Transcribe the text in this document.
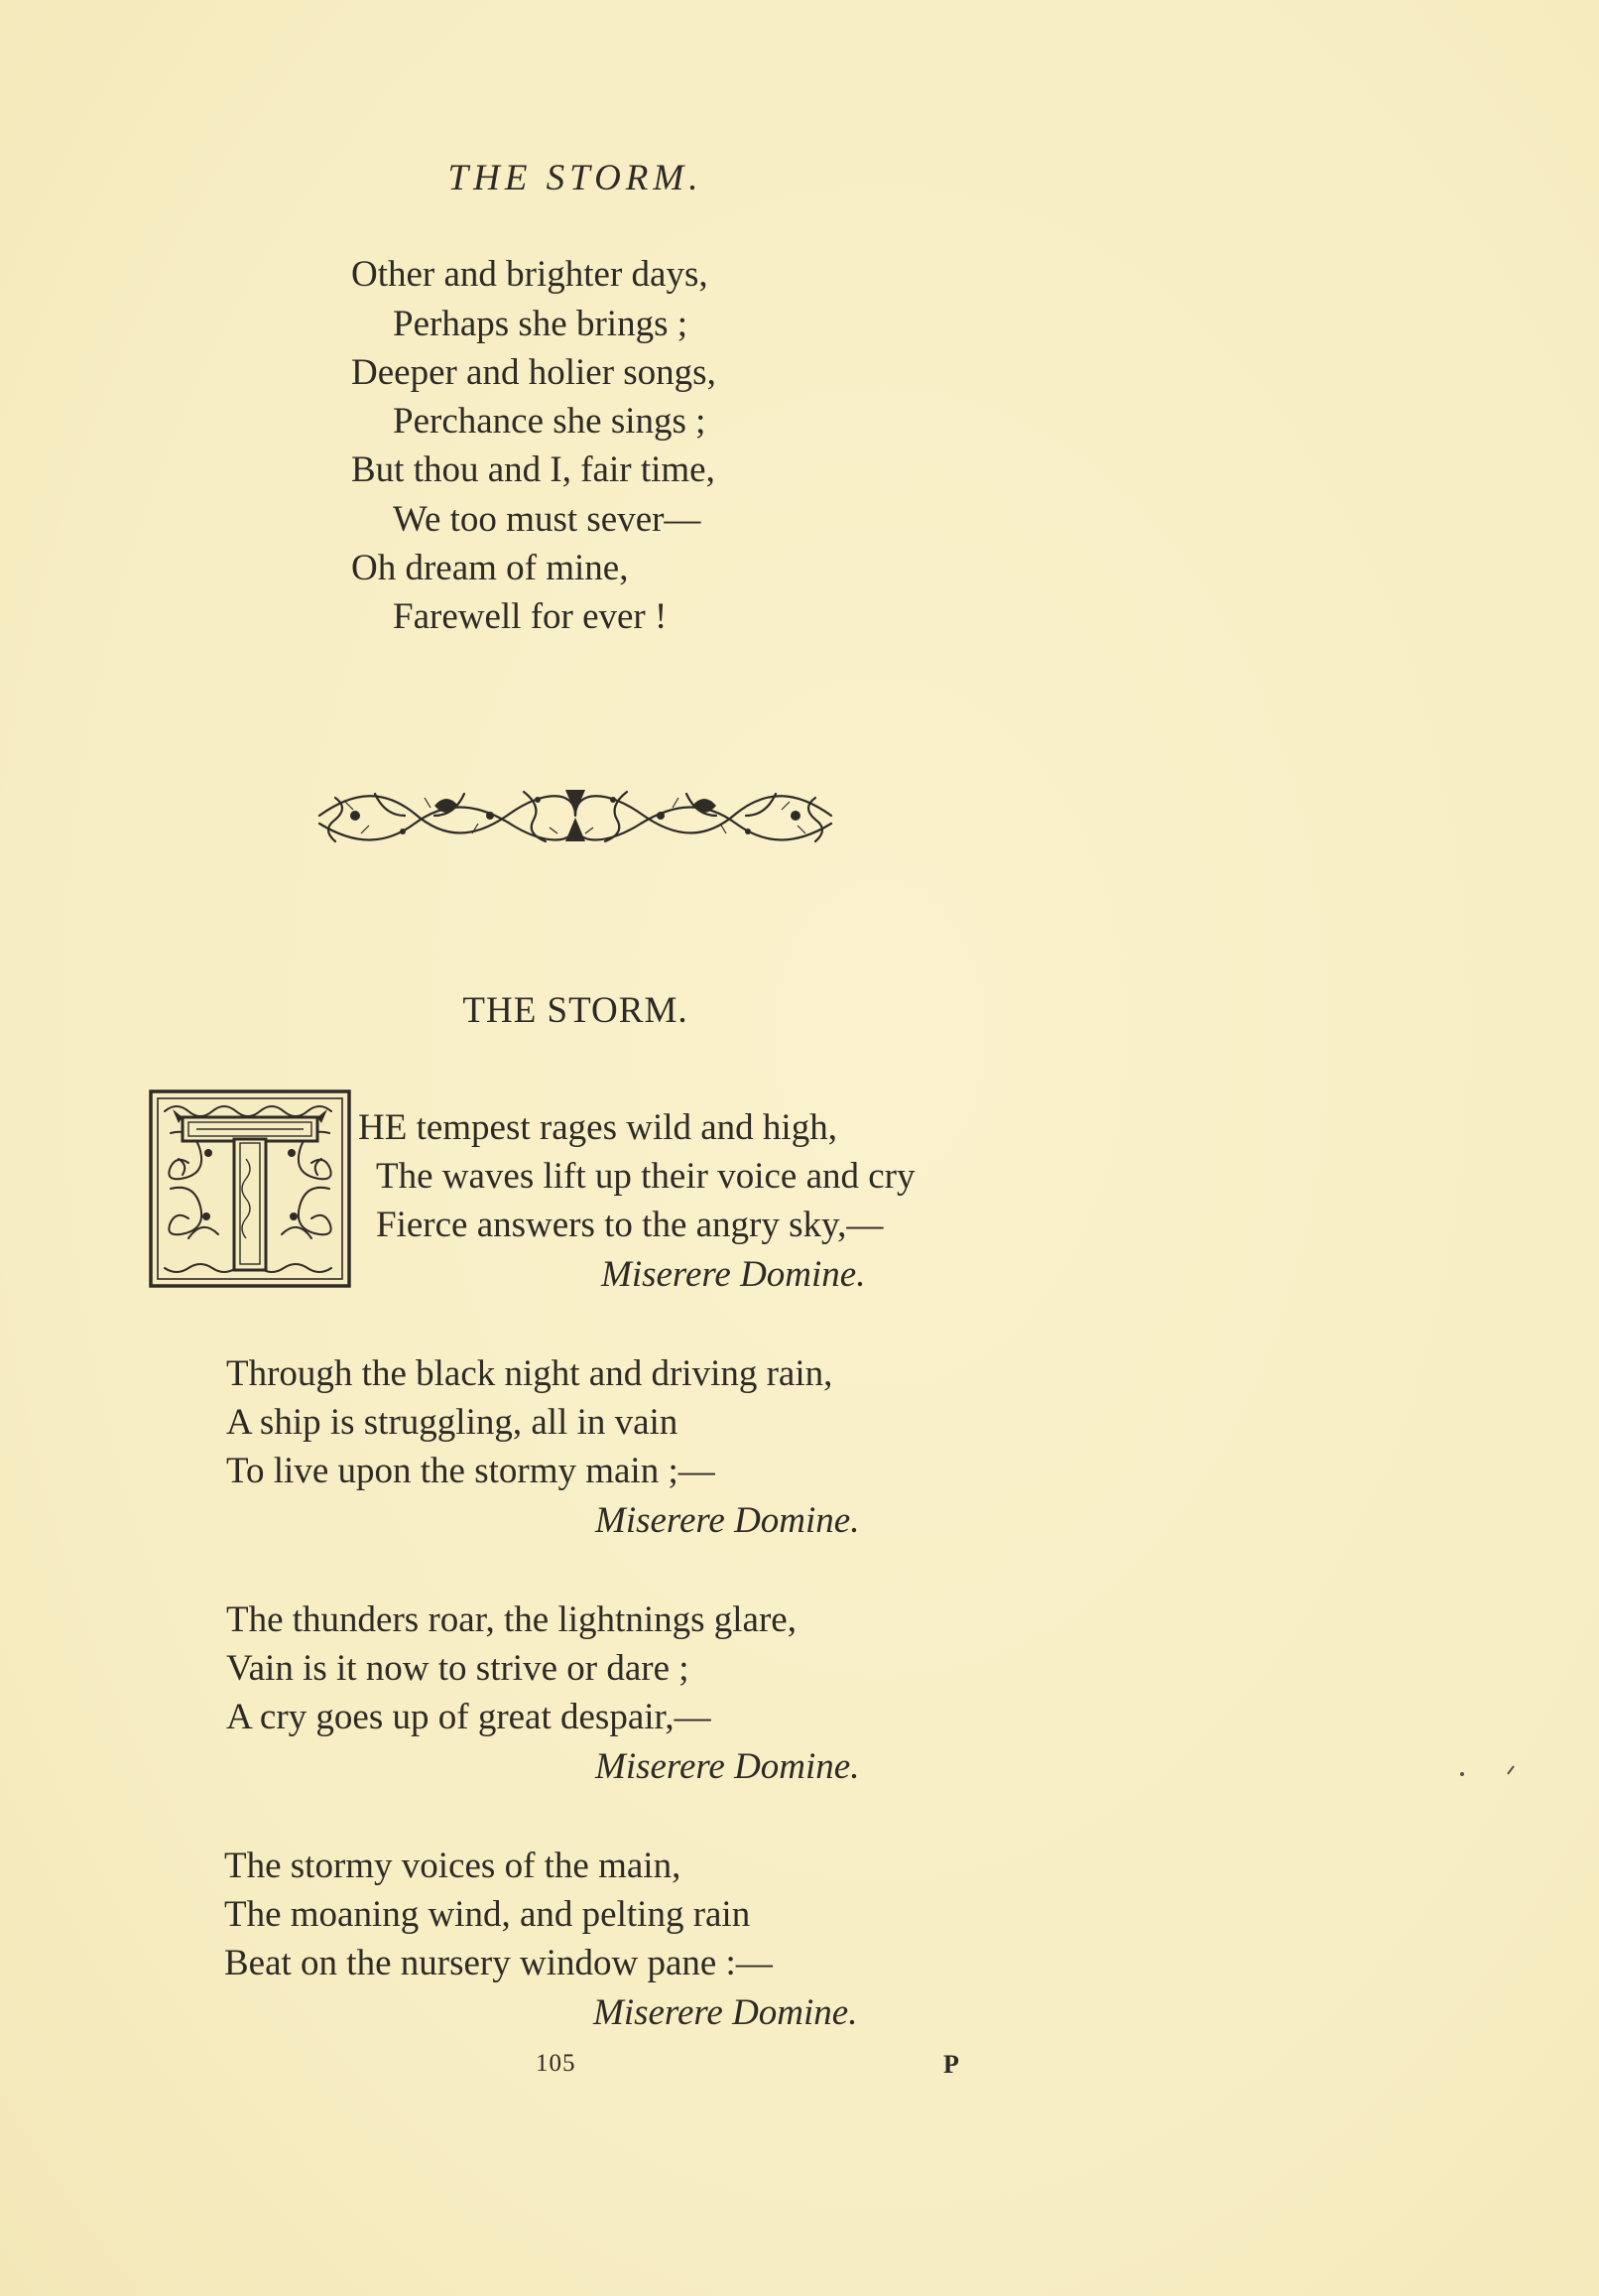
THE STORM.
Other and brighter days,
Perhaps she brings ;
Deeper and holier songs,
Perchance she sings ;
But thou and I, fair time,
We too must sever—
Oh dream of mine,
Farewell for ever !
THE STORM.
HE tempest rages wild and high,
The waves lift up their voice and cry
Fierce answers to the angry sky,—
Miserere Domine.
Through the black night and driving rain,
A ship is struggling, all in vain
To live upon the stormy main ;—
Miserere Domine.
The thunders roar, the lightnings glare,
Vain is it now to strive or dare ;
A cry goes up of great despair,—
Miserere Domine.
The stormy voices of the main,
The moaning wind, and pelting rain
Beat on the nursery window pane :—
Miserere Domine.
105	P
